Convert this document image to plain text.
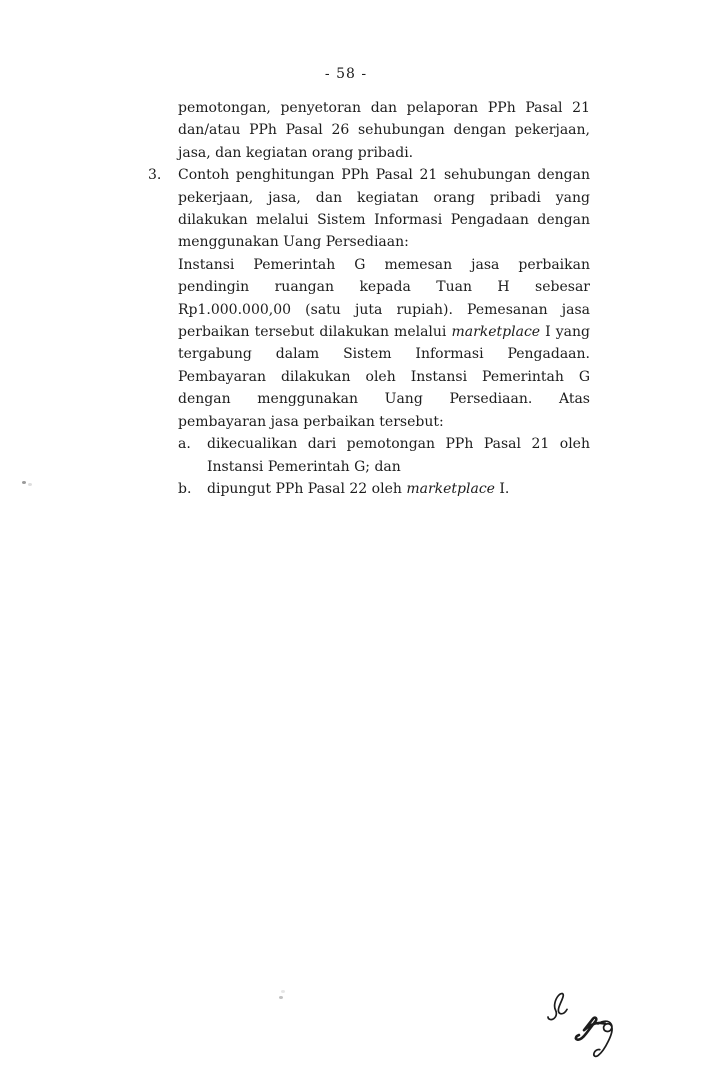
- 58 -

pemotongan, penyetoran dan pelaporan PPh Pasal 21 dan/atau PPh Pasal 26 sehubungan dengan pekerjaan, jasa, dan kegiatan orang pribadi.

3.	Contoh penghitungan PPh Pasal 21 sehubungan dengan pekerjaan, jasa, dan kegiatan orang pribadi yang dilakukan melalui Sistem Informasi Pengadaan dengan menggunakan Uang Persediaan:

Instansi Pemerintah G memesan jasa perbaikan pendingin ruangan kepada Tuan H sebesar Rp1.000.000,00 (satu juta rupiah). Pemesanan jasa perbaikan tersebut dilakukan melalui marketplace I yang tergabung dalam Sistem Informasi Pengadaan. Pembayaran dilakukan oleh Instansi Pemerintah G dengan menggunakan Uang Persediaan. Atas pembayaran jasa perbaikan tersebut:

a.	dikecualikan dari pemotongan PPh Pasal 21 oleh Instansi Pemerintah G; dan
b.	dipungut PPh Pasal 22 oleh marketplace I.
